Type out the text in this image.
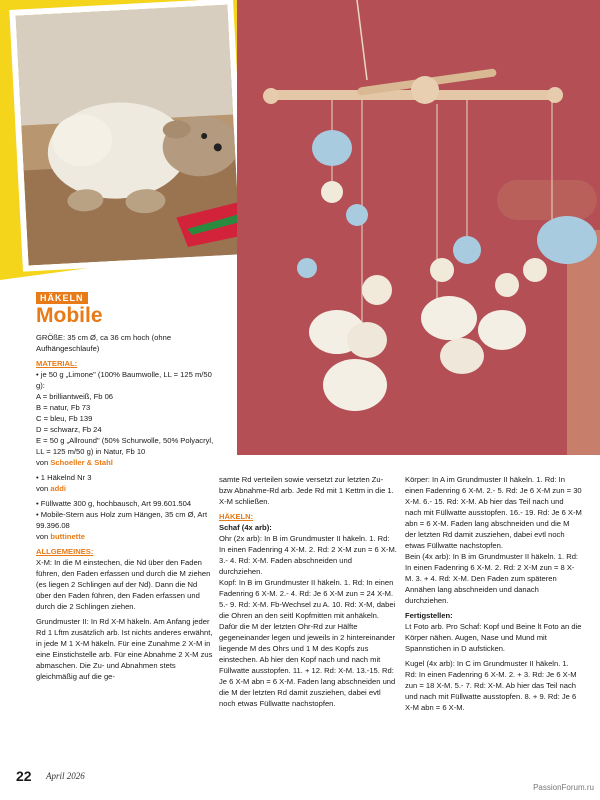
HÄKELN
Mobile
GRÖßE: 35 cm Ø, ca 36 cm hoch (ohne Aufhängeschlaufe)
MATERIAL:
• je 50 g „Limone" (100% Baumwolle, LL = 125 m/50 g):
A = brilliantweiß, Fb 06
B = natur, Fb 73
C = bleu, Fb 139
D = schwarz, Fb 24
E = 50 g „Allround" (50% Schurwolle, 50% Polyacryl, LL = 125 m/50 g) in Natur, Fb 10
von Schoeller & Stahl
• 1 Häkelnd Nr 3
von addi
• Füllwatte 300 g, hochbausch, Art 99.601.504
• Mobile-Stern aus Holz zum Hängen, 35 cm Ø, Art 99.396.08
von buttinette
ALLGEMEINES:
X-M: In die M einstechen, die Nd über den Faden führen, den Faden erfassen und durch die M ziehen (es liegen 2 Schlingen auf der Nd). Dann die Nd über den Faden führen, den Faden erfassen und durch die 2 Schlingen ziehen.
Grundmuster II: In Rd X-M häkeln. Am Anfang jeder Rd 1 Lftm zusätzlich arb. Ist nichts anderes erwähnt, in jede M 1 X-M häkeln. Für eine Zunahme 2 X-M in eine Einstichstelle arb. Für eine Abnahme 2 X-M zus abmaschen. Die Zu- und Abnahmen stets gleichmäßig auf die ge-
samte Rd verteilen sowie versetzt zur letzten Zu- bzw Abnahme-Rd arb. Jede Rd mit 1 Kettm in die 1. X-M schließen.
HÄKELN:
Schaf (4x arb):
Ohr (2x arb): In B im Grundmuster II häkeln. 1. Rd: In einen Fadenring 4 X-M. 2. Rd: 2 X-M zun = 6 X-M. 3.- 4. Rd: X-M. Faden abschneiden und durchziehen.
Kopf: In B im Grundmuster II häkeln. 1. Rd: In einen Fadenring 6 X-M. 2.- 4. Rd: Je 6 X-M zun = 24 X-M. 5.- 9. Rd: X-M. Fb-Wechsel zu A. 10. Rd: X-M, dabei die Ohren an den seitl Kopfmitten mit anhäkeln. Dafür die M der letzten Ohr-Rd zur Hälfte gegeneinander legen und jeweils in 2 hintereinander liegende M des Ohrs und 1 M des Kopfs zus einstechen. Ab hier den Kopf nach und nach mit Füllwatte ausstopfen. 11. + 12. Rd: X-M. 13.-15. Rd: Je 6 X-M abn = 6 X-M. Faden lang abschneiden und die M der letzten Rd damit zusziehen, dabei evtl noch etwas Füllwatte nachstopfen.
Körper: In A im Grundmuster II häkeln. 1. Rd: In einen Fadenring 6 X-M. 2.- 5. Rd: Je 6 X-M zun = 30 X-M. 6.- 15. Rd: X-M. Ab hier das Teil nach und nach mit Füllwatte ausstopfen. 16.- 19. Rd: Je 6 X-M abn = 6 X-M. Faden lang abschneiden und die M der letzten Rd damit zusziehen, dabei evtl noch etwas Füllwatte nachstopfen.
Bein (4x arb): In B im Grundmuster II häkeln. 1. Rd: In einen Fadenring 6 X-M. 2. Rd: 2 X-M zun = 8 X-M. 3. + 4. Rd: X-M. Den Faden zum späteren Annähen lang abschneiden und danach durchziehen.
Fertigstellen:
Lt Foto arb. Pro Schaf: Kopf und Beine lt Foto an die Körper nähen. Augen, Nase und Mund mit Spannstichen in D aufsticken.
Kugel (4x arb): In C im Grundmuster II häkeln. 1. Rd: In einen Fadenring 6 X-M. 2. + 3. Rd: Je 6 X-M zun = 18 X-M. 5.- 7. Rd: X-M. Ab hier das Teil nach und nach mit Füllwatte ausstopfen. 8. + 9. Rd: Je 6 X-M abn = 6 X-M.
22 April 2026
PassionForum.ru
